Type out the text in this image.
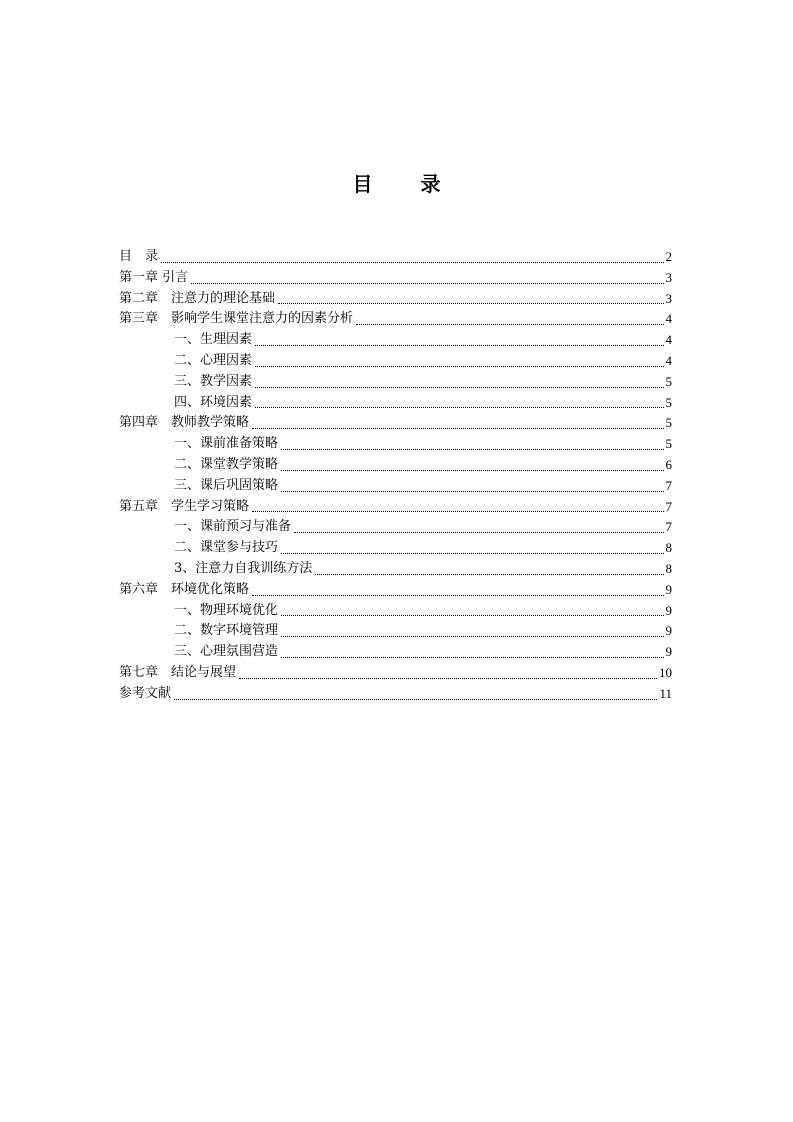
目　录
目　录	2
第一章 引言	3
第二章　注意力的理论基础	3
第三章　影响学生课堂注意力的因素分析	4
一、生理因素	4
二、心理因素	4
三、教学因素	5
四、环境因素	5
第四章　教师教学策略	5
一、课前准备策略	5
二、课堂教学策略	6
三、课后巩固策略	7
第五章　学生学习策略	7
一、课前预习与准备	7
二、课堂参与技巧	8
3、注意力自我训练方法	8
第六章　环境优化策略	9
一、物理环境优化	9
二、数字环境管理	9
三、心理氛围营造	9
第七章　结论与展望	10
参考文献	11
